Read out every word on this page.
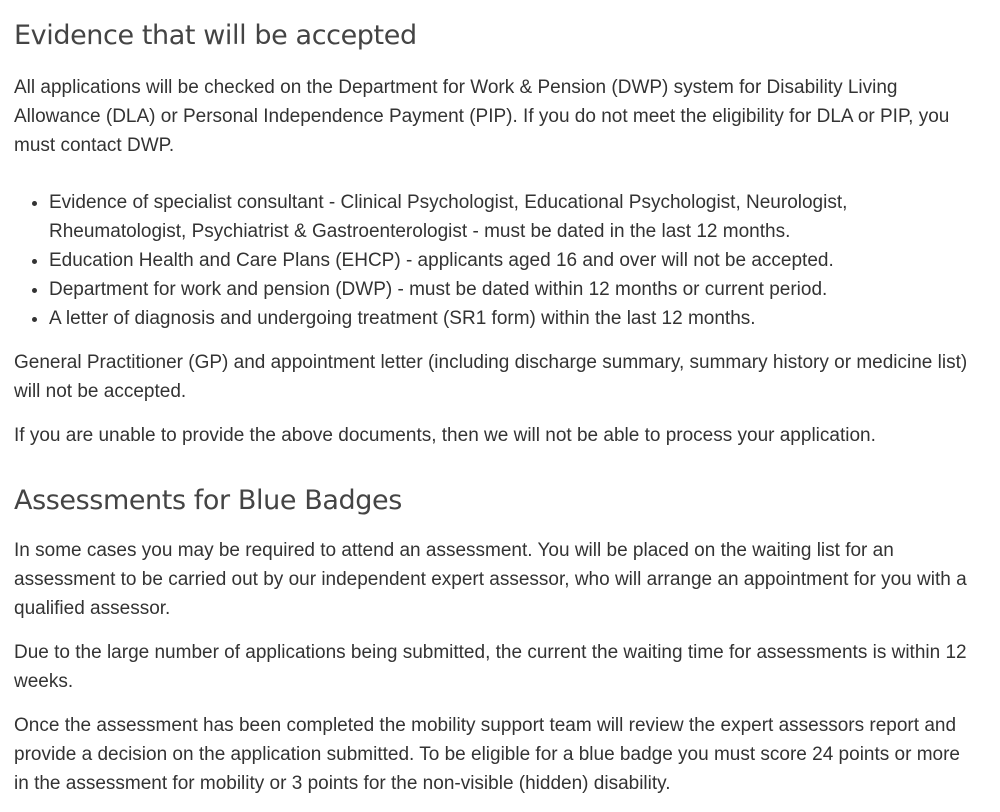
Evidence that will be accepted

All applications will be checked on the Department for Work & Pension (DWP) system for Disability Living Allowance (DLA) or Personal Independence Payment (PIP). If you do not meet the eligibility for DLA or PIP, you must contact DWP.

• Evidence of specialist consultant - Clinical Psychologist, Educational Psychologist, Neurologist, Rheumatologist, Psychiatrist & Gastroenterologist - must be dated in the last 12 months.
• Education Health and Care Plans (EHCP) - applicants aged 16 and over will not be accepted.
• Department for work and pension (DWP) - must be dated within 12 months or current period.
• A letter of diagnosis and undergoing treatment (SR1 form) within the last 12 months.

General Practitioner (GP) and appointment letter (including discharge summary, summary history or medicine list) will not be accepted.

If you are unable to provide the above documents, then we will not be able to process your application.

Assessments for Blue Badges

In some cases you may be required to attend an assessment. You will be placed on the waiting list for an assessment to be carried out by our independent expert assessor, who will arrange an appointment for you with a qualified assessor.

Due to the large number of applications being submitted, the current the waiting time for assessments is within 12 weeks.

Once the assessment has been completed the mobility support team will review the expert assessors report and provide a decision on the application submitted. To be eligible for a blue badge you must score 24 points or more in the assessment for mobility or 3 points for the non-visible (hidden) disability.
